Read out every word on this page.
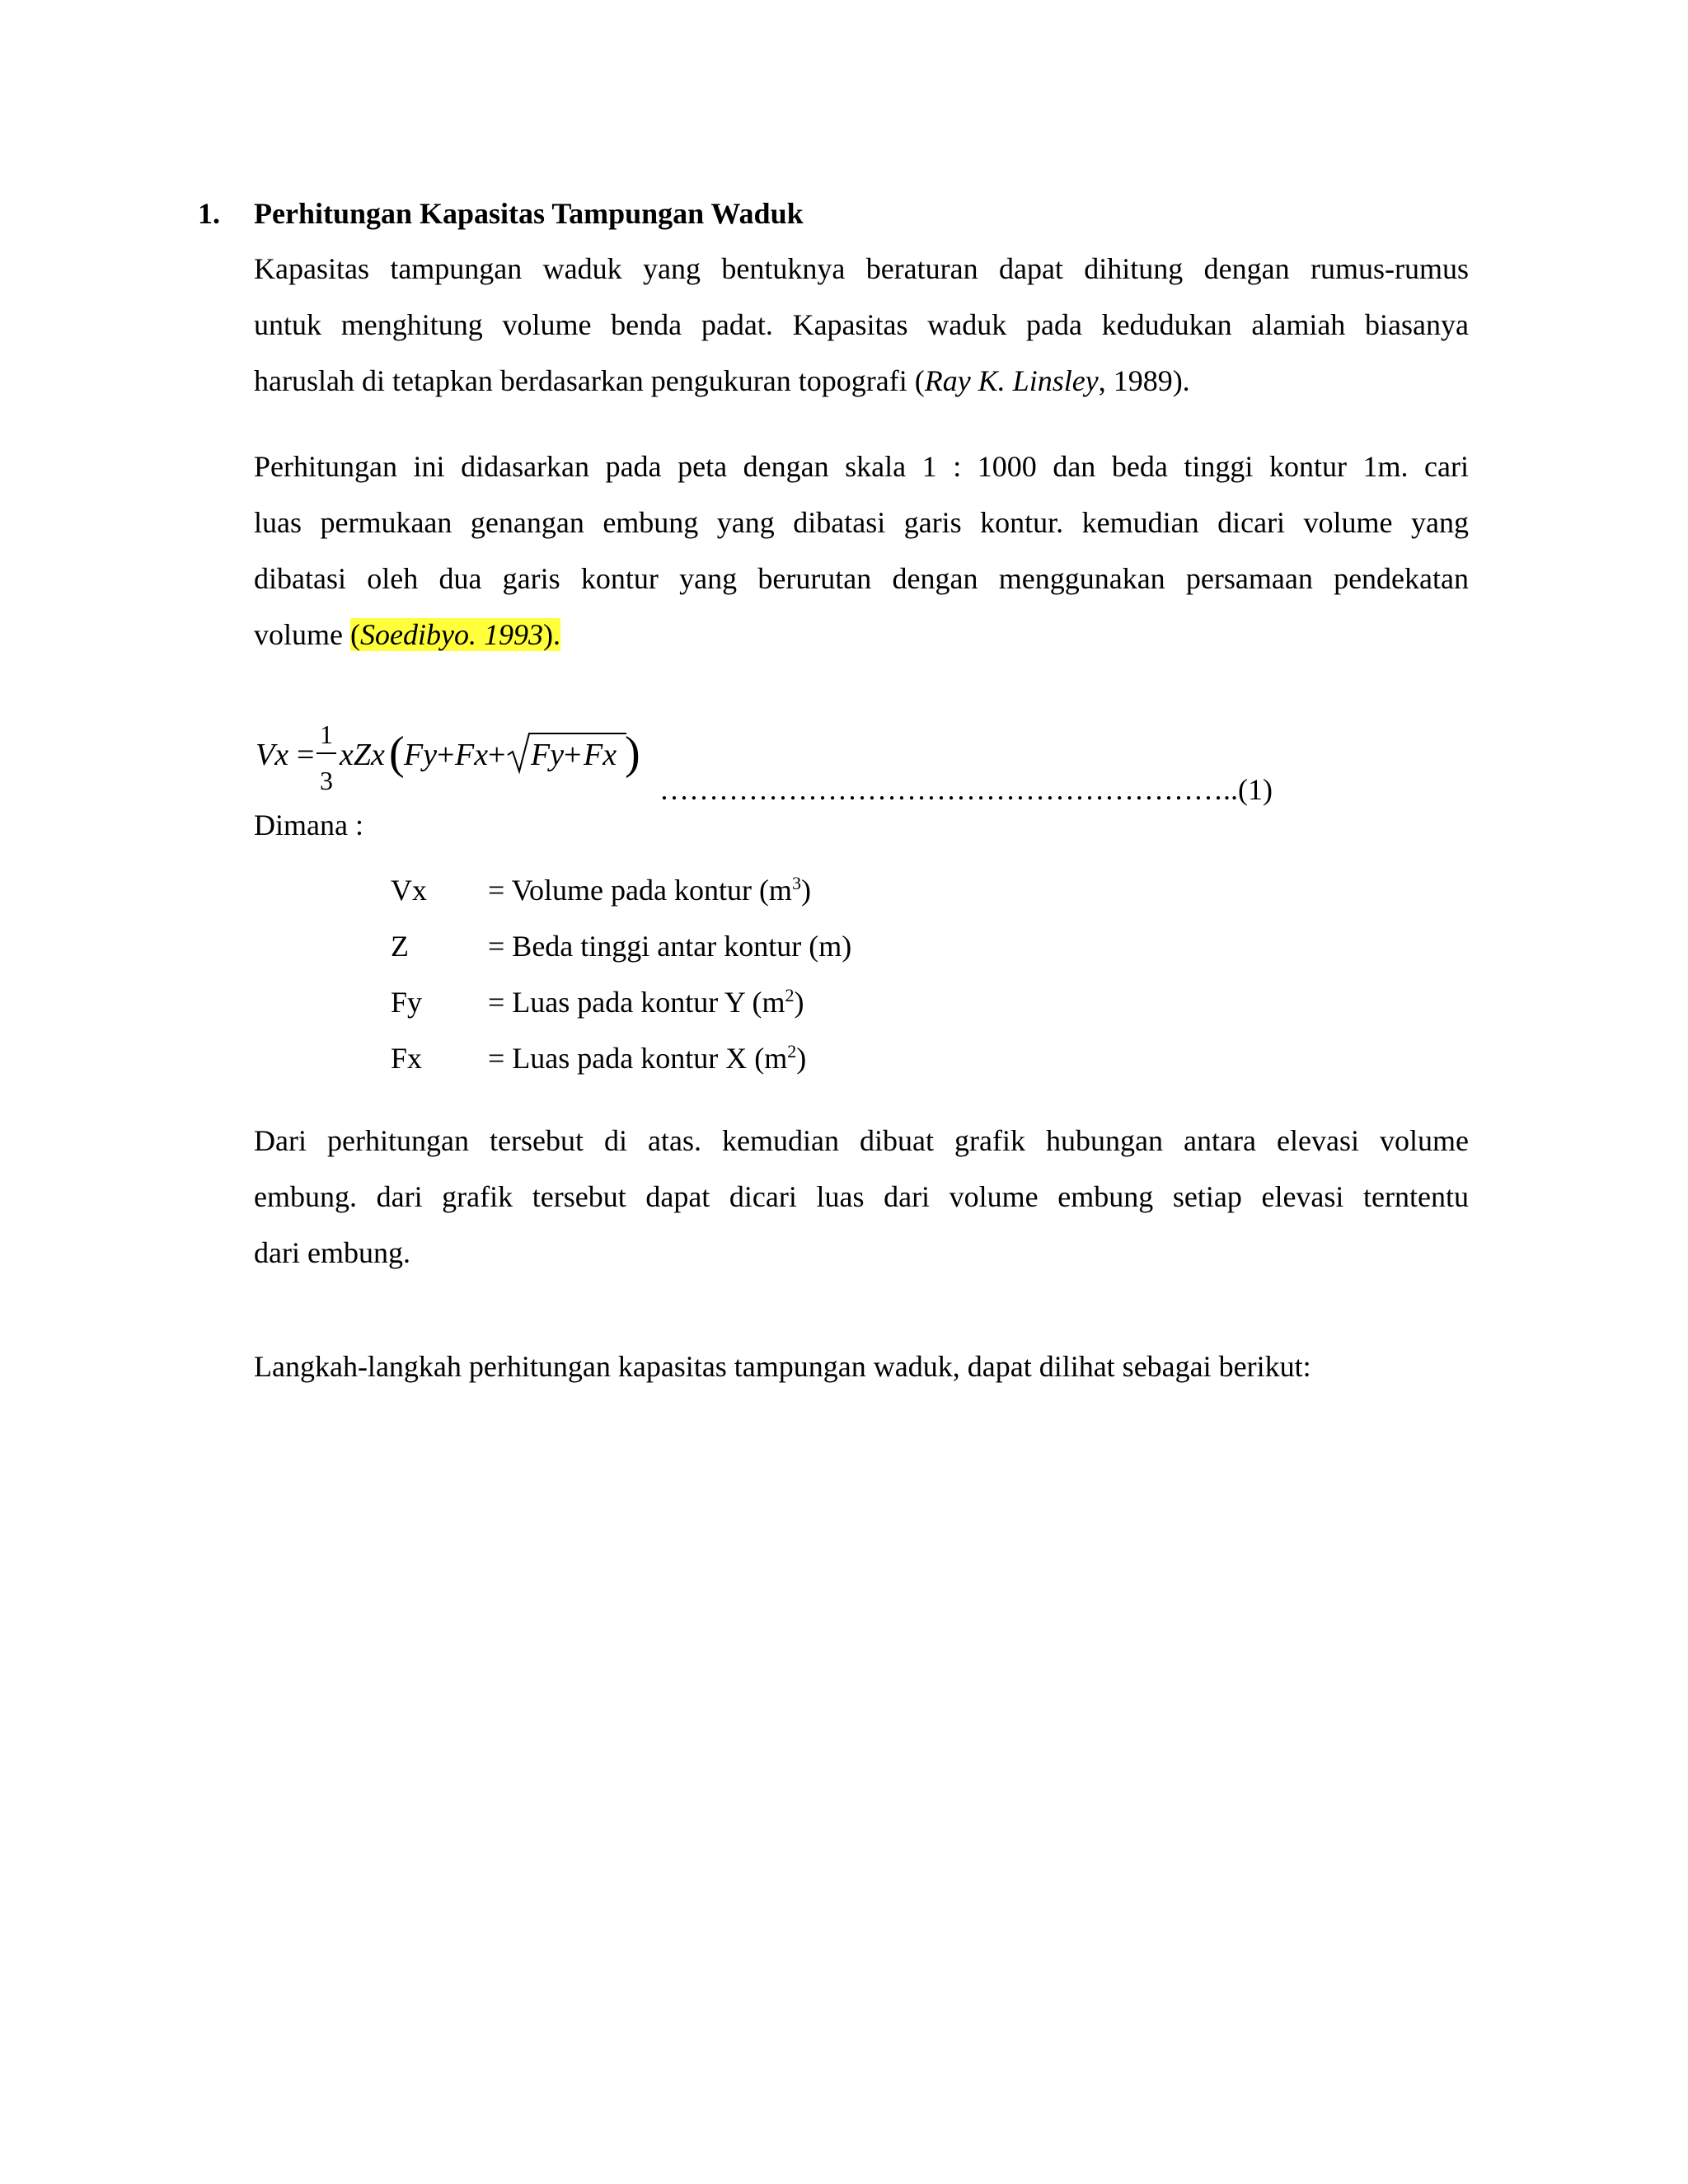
1. Perhitungan Kapasitas Tampungan Waduk
Kapasitas tampungan waduk yang bentuknya beraturan dapat dihitung dengan rumus-rumus
untuk menghitung volume benda padat. Kapasitas waduk pada kedudukan alamiah biasanya
haruslah di tetapkan berdasarkan pengukuran topografi (Ray K. Linsley, 1989).
Perhitungan ini didasarkan pada peta dengan skala 1 : 1000 dan beda tinggi kontur 1m. cari
luas permukaan genangan embung yang dibatasi garis kontur. kemudian dicari volume yang
dibatasi oleh dua garis kontur yang berurutan dengan menggunakan persamaan pendekatan
volume (Soedibyo. 1993).
Vx =
1
3
xZx ( Fy + Fx + Fy + Fx )
…………………………………………………..(1)
Dimana :
Vx = Volume pada kontur $(m^3)$
Z	= Beda tinggi antar kontur (m)
Fy = Luas pada kontur Y $(m^2)$
Fx = Luas pada kontur X $(m^2)$
Dari perhitungan tersebut di atas. kemudian dibuat grafik hubungan antara elevasi volume
embung. dari grafik tersebut dapat dicari luas dari volume embung setiap elevasi terntentu
dari embung.
Langkah-langkah perhitungan kapasitas tampungan waduk, dapat dilihat sebagai berikut:
